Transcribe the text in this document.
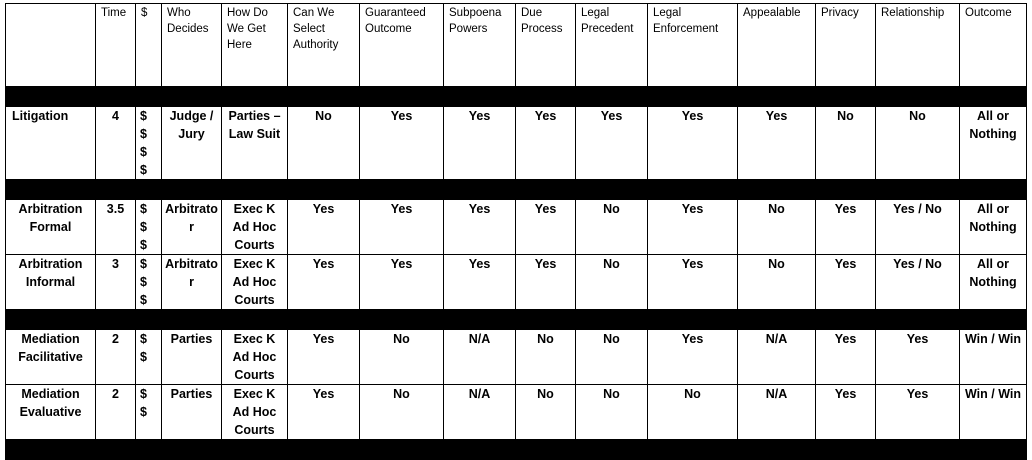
	Time	$	Who Decides	How Do We Get Here	Can We Select Authority	Guaranteed Outcome	Subpoena Powers	Due Process	Legal Precedent	Legal Enforcement	Appealable	Privacy	Relationship	Outcome

Litigation	4	$ $ $ $	Judge / Jury	Parties – Law Suit	No	Yes	Yes	Yes	Yes	Yes	Yes	No	No	All or Nothing

Arbitration Formal	3.5	$ $ $	Arbitrator	Exec K Ad Hoc Courts	Yes	Yes	Yes	Yes	No	Yes	No	Yes	Yes / No	All or Nothing
Arbitration Informal	3	$ $ $	Arbitrator	Exec K Ad Hoc Courts	Yes	Yes	Yes	Yes	No	Yes	No	Yes	Yes / No	All or Nothing

Mediation Facilitative	2	$ $	Parties	Exec K Ad Hoc Courts	Yes	No	N/A	No	No	Yes	N/A	Yes	Yes	Win / Win
Mediation Evaluative	2	$ $	Parties	Exec K Ad Hoc Courts	Yes	No	N/A	No	No	No	N/A	Yes	Yes	Win / Win
